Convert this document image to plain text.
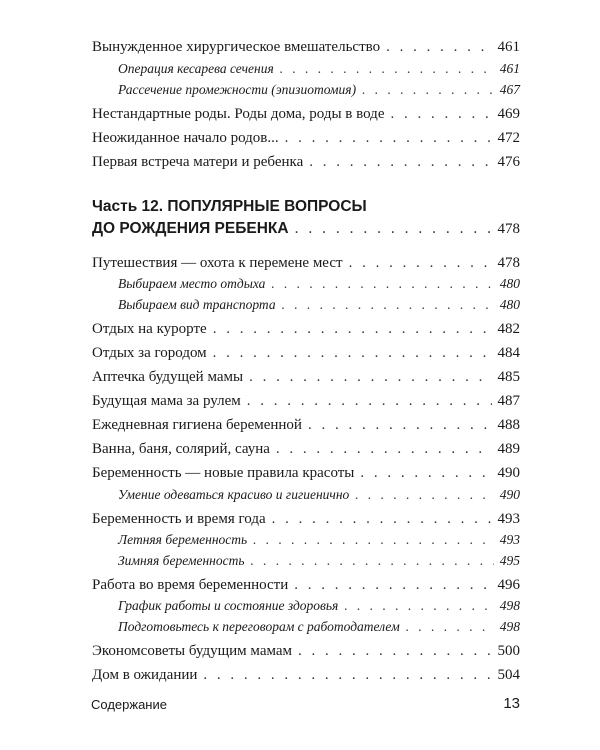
Вынужденное хирургическое вмешательство . . .	461
Операция кесарева сечения . . .	461
Рассечение промежности (эпизиотомия) . . .	467
Нестандартные роды. Роды дома, роды в воде . . .	469
Неожиданное начало родов... . . .	472
Первая встреча матери и ребенка . . .	476
Часть 12. ПОПУЛЯРНЫЕ ВОПРОСЫ
ДО РОЖДЕНИЯ РЕБЕНКА . . .	478
Путешествия — охота к перемене мест . . .	478
Выбираем место отдыха . . .	480
Выбираем вид транспорта . . .	480
Отдых на курорте . . .	482
Отдых за городом . . .	484
Аптечка будущей мамы . . .	485
Будущая мама за рулем . . .	487
Ежедневная гигиена беременной . . .	488
Ванна, баня, солярий, сауна . . .	489
Беременность — новые правила красоты . . .	490
Умение одеваться красиво и гигиенично . . .	490
Беременность и время года . . .	493
Летняя беременность . . .	493
Зимняя беременность . . .	495
Работа во время беременности . . .	496
График работы и состояние здоровья . . .	498
Подготовьтесь к переговорам с работодателем . . .	498
Экономсоветы будущим мамам . . .	500
Дом в ожидании . . .	504
Содержание	13
